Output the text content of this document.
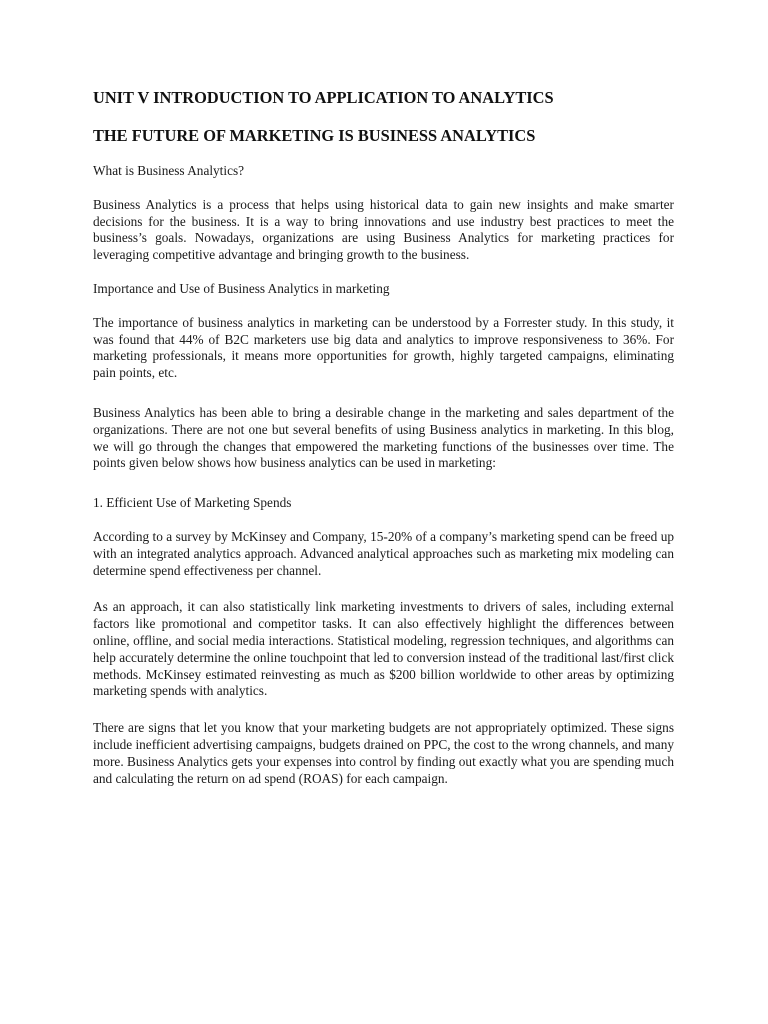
UNIT V INTRODUCTION TO APPLICATION TO ANALYTICS
THE FUTURE OF MARKETING IS BUSINESS ANALYTICS

What is Business Analytics?

Business Analytics is a process that helps using historical data to gain new insights and make smarter decisions for the business. It is a way to bring innovations and use industry best practices to meet the business’s goals. Nowadays, organizations are using Business Analytics for marketing practices for leveraging competitive advantage and bringing growth to the business.

Importance and Use of Business Analytics in marketing

The importance of business analytics in marketing can be understood by a Forrester study. In this study, it was found that 44% of B2C marketers use big data and analytics to improve responsiveness to 36%. For marketing professionals, it means more opportunities for growth, highly targeted campaigns, eliminating pain points, etc.

Business Analytics has been able to bring a desirable change in the marketing and sales department of the organizations. There are not one but several benefits of using Business analytics in marketing. In this blog, we will go through the changes that empowered the marketing functions of the businesses over time. The points given below shows how business analytics can be used in marketing:

1. Efficient Use of Marketing Spends

According to a survey by McKinsey and Company, 15-20% of a company’s marketing spend can be freed up with an integrated analytics approach. Advanced analytical approaches such as marketing mix modeling can determine spend effectiveness per channel.

As an approach, it can also statistically link marketing investments to drivers of sales, including external factors like promotional and competitor tasks. It can also effectively highlight the differences between online, offline, and social media interactions. Statistical modeling, regression techniques, and algorithms can help accurately determine the online touchpoint that led to conversion instead of the traditional last/first click methods. McKinsey estimated reinvesting as much as $200 billion worldwide to other areas by optimizing marketing spends with analytics.

There are signs that let you know that your marketing budgets are not appropriately optimized. These signs include inefficient advertising campaigns, budgets drained on PPC, the cost to the wrong channels, and many more. Business Analytics gets your expenses into control by finding out exactly what you are spending much and calculating the return on ad spend (ROAS) for each campaign.
